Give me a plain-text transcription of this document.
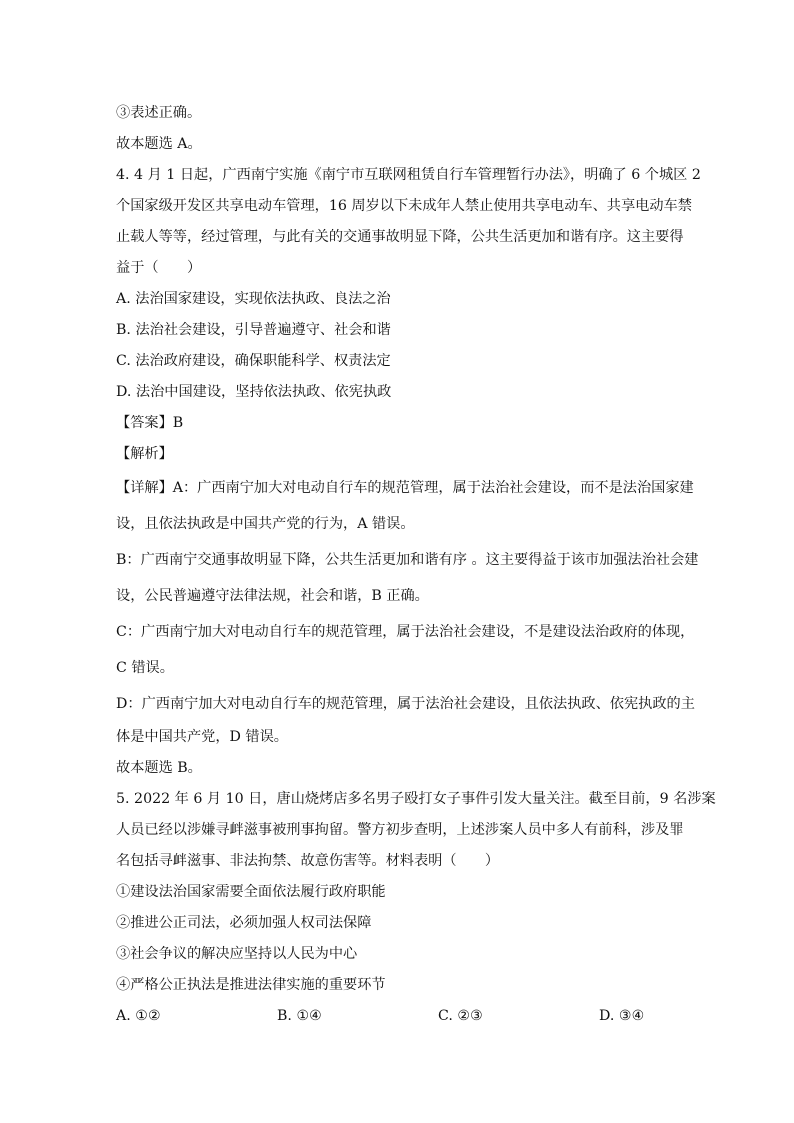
③表述正确。
故本题选 A。
4. 4 月 1 日起，广西南宁实施《南宁市互联网租赁自行车管理暂行办法》，明确了 6 个城区 2
个国家级开发区共享电动车管理，16 周岁以下未成年人禁止使用共享电动车、共享电动车禁
止载人等等，经过管理，与此有关的交通事故明显下降，公共生活更加和谐有序。这主要得
益于（　　）
A. 法治国家建设，实现依法执政、良法之治
B. 法治社会建设，引导普遍遵守、社会和谐
C. 法治政府建设，确保职能科学、权责法定
D. 法治中国建设，坚持依法执政、依宪执政
【答案】B
【解析】
【详解】A：广西南宁加大对电动自行车的规范管理，属于法治社会建设，而不是法治国家建
设，且依法执政是中国共产党的行为，A 错误。
B：广西南宁交通事故明显下降，公共生活更加和谐有序 。这主要得益于该市加强法治社会建
设，公民普遍遵守法律法规，社会和谐，B 正确。
C：广西南宁加大对电动自行车的规范管理，属于法治社会建设，不是建设法治政府的体现，
C 错误。
D：广西南宁加大对电动自行车的规范管理，属于法治社会建设，且依法执政、依宪执政的主
体是中国共产党，D 错误。
故本题选 B。
5. 2022 年 6 月 10 日，唐山烧烤店多名男子殴打女子事件引发大量关注。截至目前，9 名涉案
人员已经以涉嫌寻衅滋事被刑事拘留。警方初步查明，上述涉案人员中多人有前科，涉及罪
名包括寻衅滋事、非法拘禁、故意伤害等。材料表明（　　）
①建设法治国家需要全面依法履行政府职能
②推进公正司法，必须加强人权司法保障
③社会争议的解决应坚持以人民为中心
④严格公正执法是推进法律实施的重要环节
A. ①②	B. ①④	C. ②③	D. ③④
